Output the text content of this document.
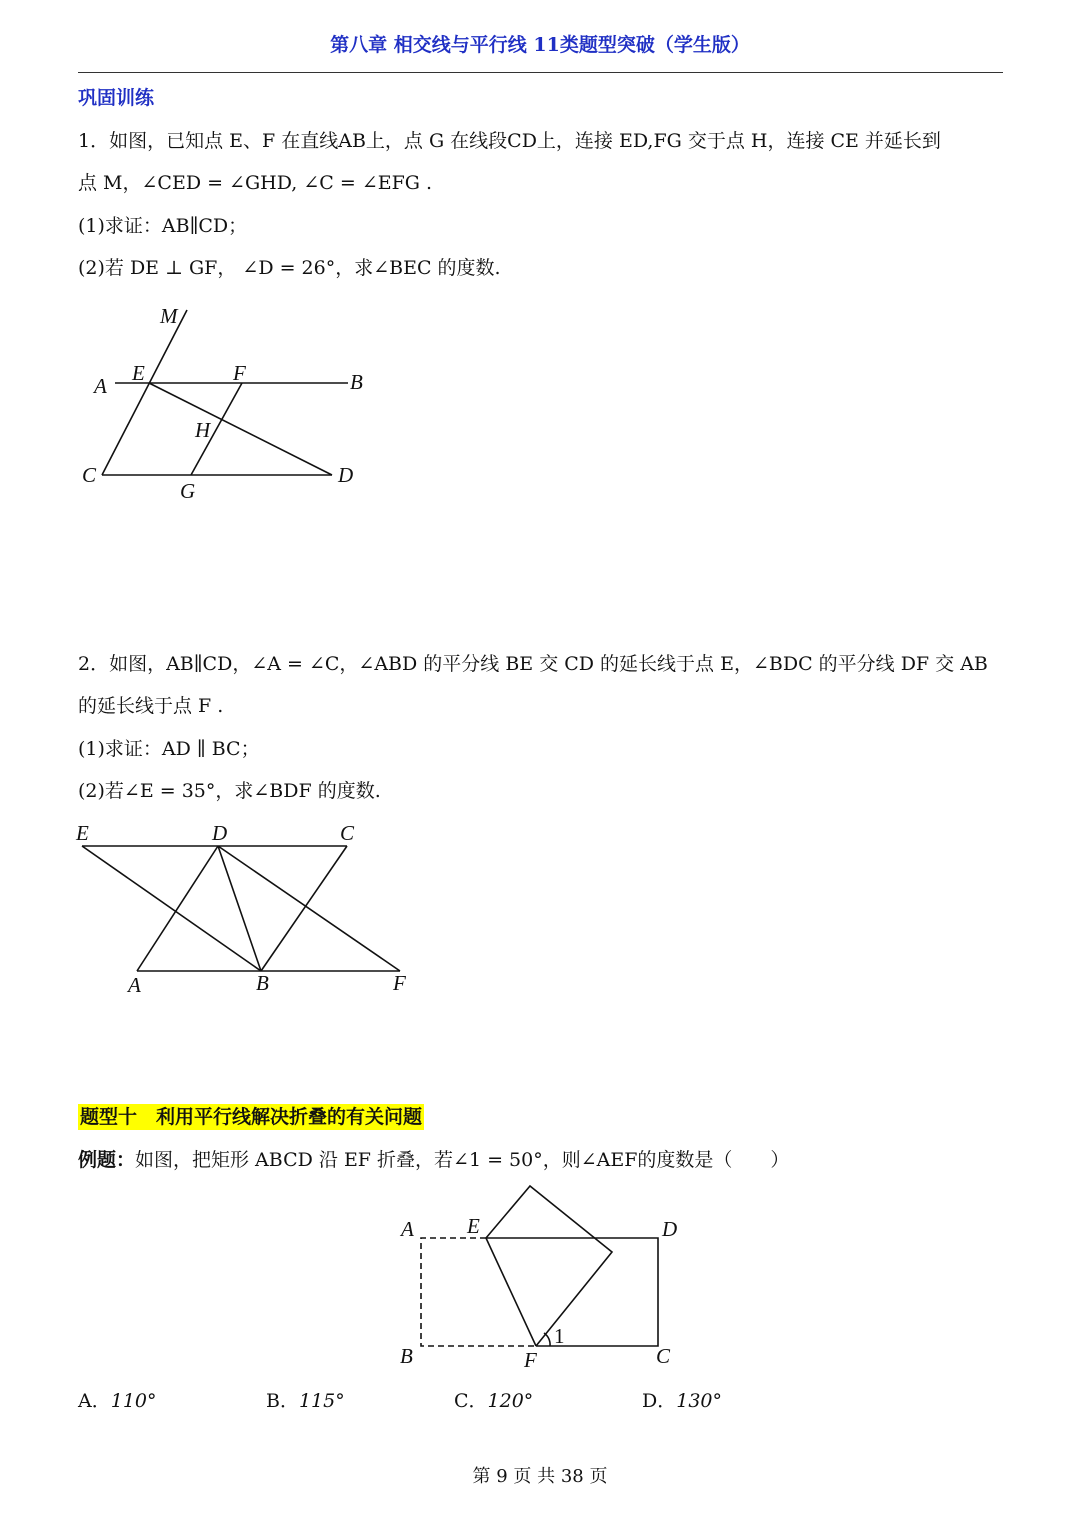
第八章 相交线与平行线 11类题型突破（学生版）
巩固训练
1．如图，已知点 E、F 在直线AB上，点 G 在线段CD上，连接 ED,FG 交于点 H，连接 CE 并延长到
点 M，∠CED = ∠GHD, ∠C = ∠EFG .
(1)求证：AB∥CD；
(2)若 DE ⊥ GF， ∠D = 26°，求∠BEC 的度数.
M
E	F
A	B
H
C
G
D
2．如图，AB∥CD，∠A = ∠C，∠ABD 的平分线 BE 交 CD 的延长线于点 E，∠BDC 的平分线 DF 交 AB
的延长线于点 F .
(1)求证：AD ∥ BC；
(2)若∠E = 35°，求∠BDF 的度数.
E	D	C
A	B	F
题型十　利用平行线解决折叠的有关问题
例题：如图，把矩形 ABCD 沿 EF 折叠，若∠1 = 50°，则∠AEF的度数是（　　）
A	E	D
B	F	C
1
A．110°	B．115°	C．120°	D．130°
第 9 页 共 38 页
